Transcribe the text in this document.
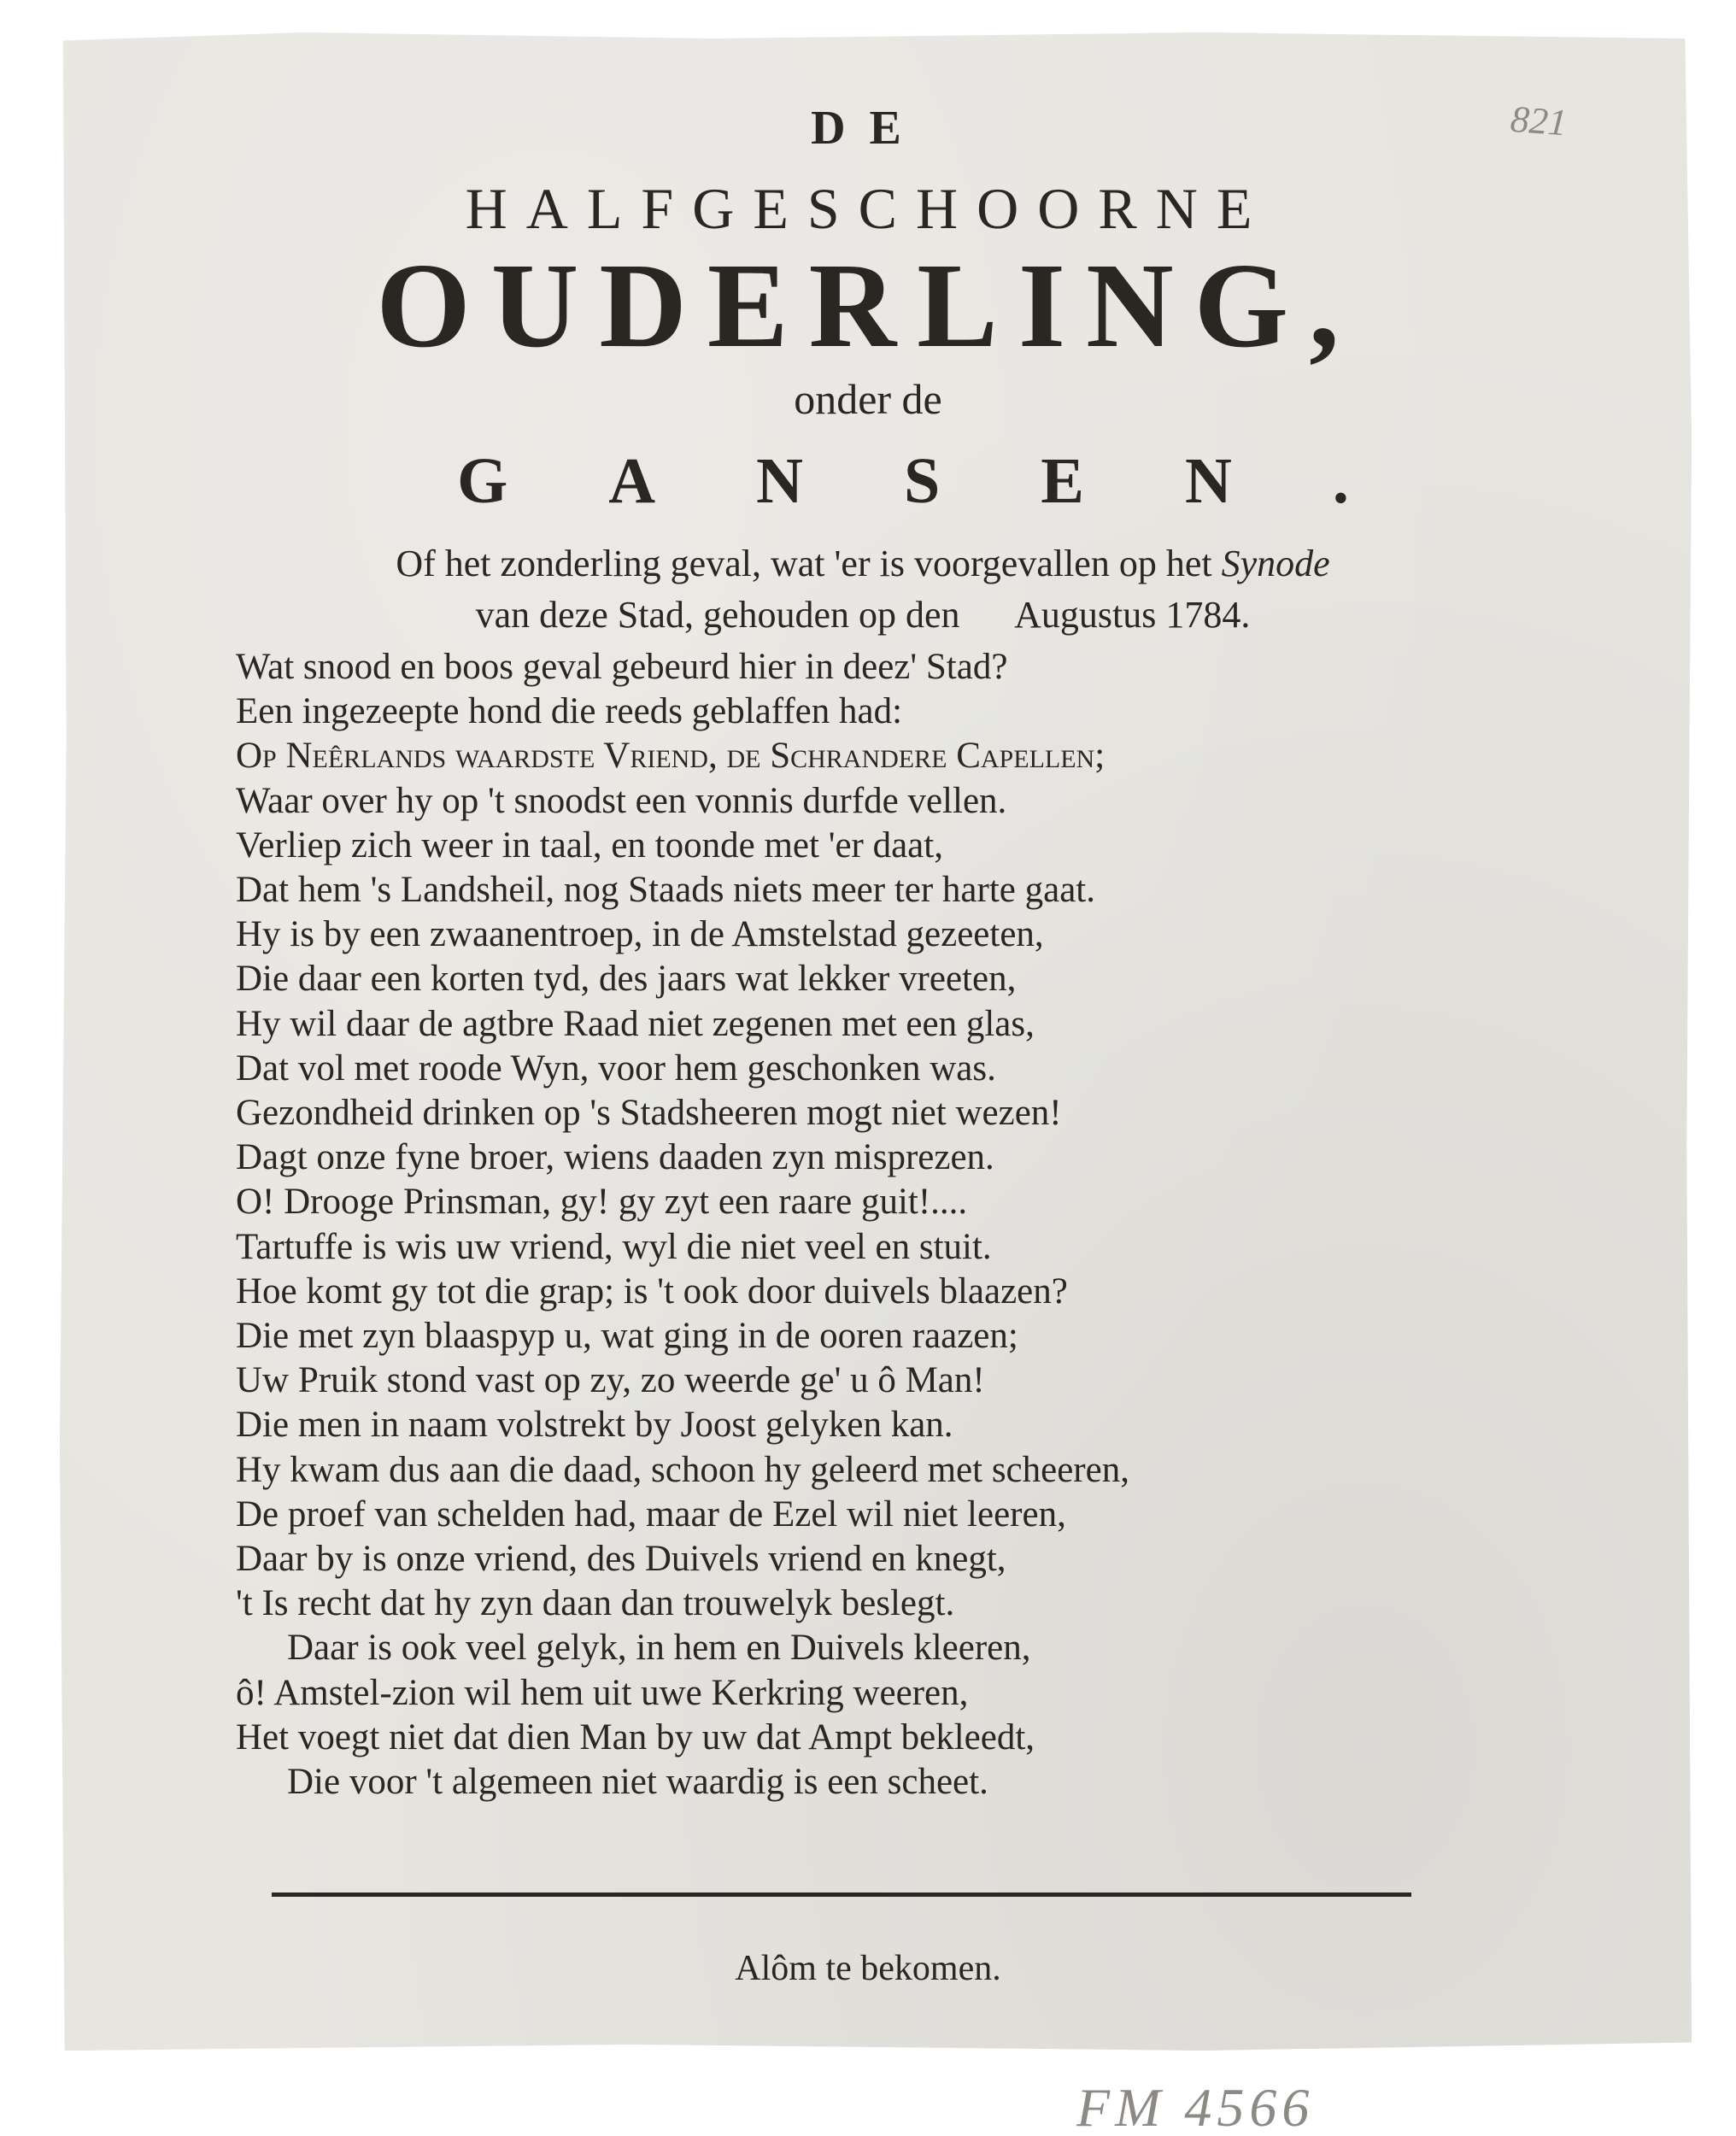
821
DE
HALFGESCHOORNE
OUDERLING,
onder de
GANSEN.
Of het zonderling geval, wat 'er is voorgevallen op het Synode
van deze Stad, gehouden op den      Augustus 1784.
Wat snood en boos geval gebeurd hier in deez' Stad?
Een ingezeepte hond die reeds geblaffen had:
Op Neêrlands waardste Vriend, de Schrandere Capellen;
Waar over hy op 't snoodst een vonnis durfde vellen.
Verliep zich weer in taal, en toonde met 'er daat,
Dat hem 's Landsheil, nog Staads niets meer ter harte gaat.
Hy is by een zwaanentroep, in de Amstelstad gezeeten,
Die daar een korten tyd, des jaars wat lekker vreeten,
Hy wil daar de agtbre Raad niet zegenen met een glas,
Dat vol met roode Wyn, voor hem geschonken was.
Gezondheid drinken op 's Stadsheeren mogt niet wezen!
Dagt onze fyne broer, wiens daaden zyn misprezen.
O! Drooge Prinsman, gy! gy zyt een raare guit!....
Tartuffe is wis uw vriend, wyl die niet veel en stuit.
Hoe komt gy tot die grap; is 't ook door duivels blaazen?
Die met zyn blaaspyp u, wat ging in de ooren raazen;
Uw Pruik stond vast op zy, zo weerde ge' u ô Man!
Die men in naam volstrekt by Joost gelyken kan.
Hy kwam dus aan die daad, schoon hy geleerd met scheeren,
De proef van schelden had, maar de Ezel wil niet leeren,
Daar by is onze vriend, des Duivels vriend en knegt,
't Is recht dat hy zyn daan dan trouwelyk beslegt.
Daar is ook veel gelyk, in hem en Duivels kleeren,
ô! Amstel-zion wil hem uit uwe Kerkring weeren,
Het voegt niet dat dien Man by uw dat Ampt bekleedt,
Die voor 't algemeen niet waardig is een scheet.
Alôm te bekomen.
FM 4566
